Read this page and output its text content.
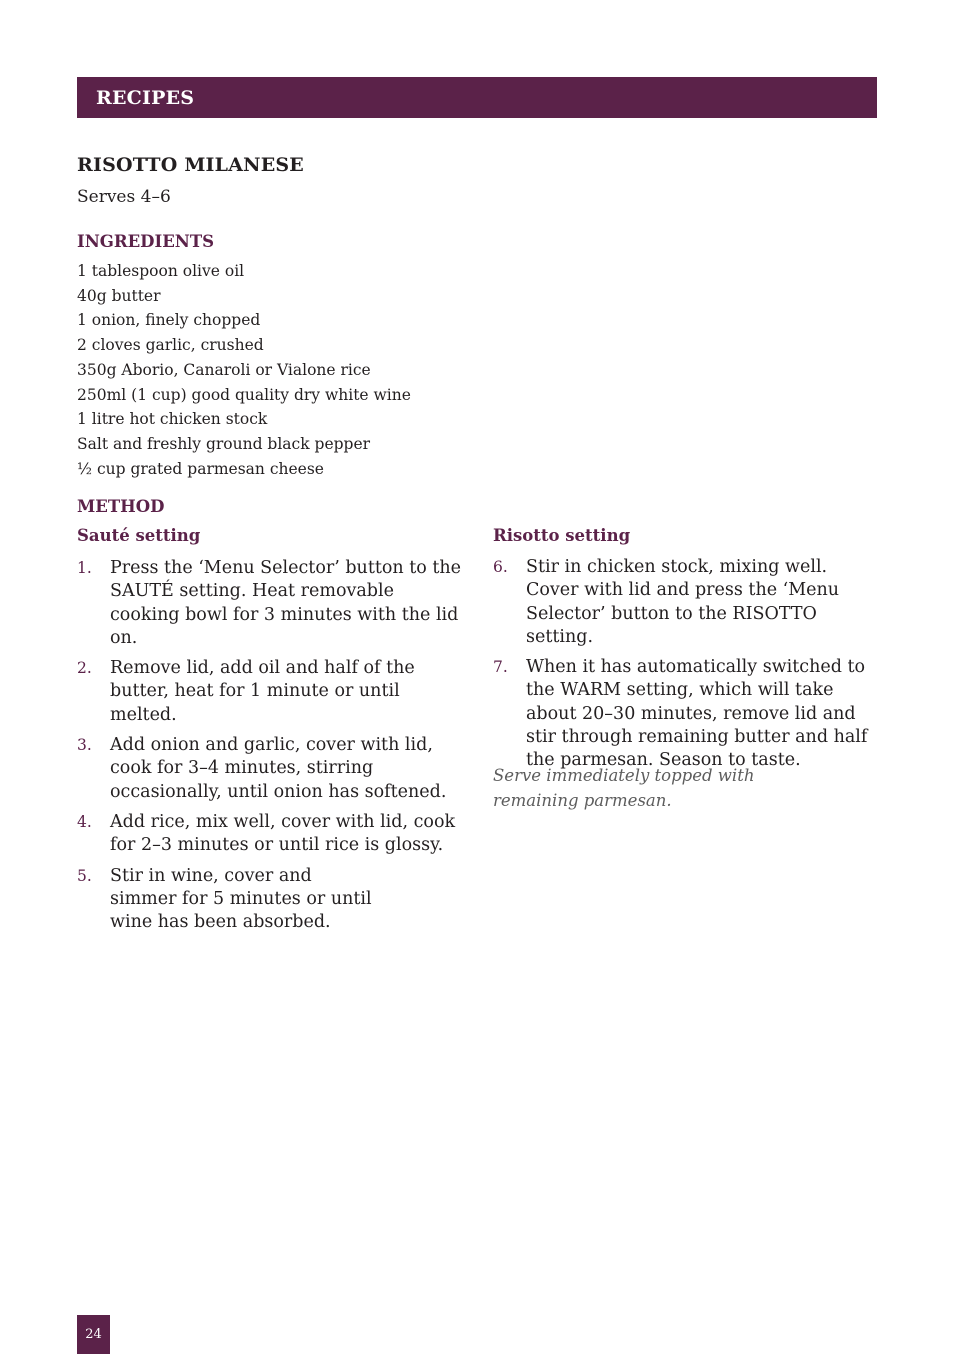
RECIPES
RISOTTO MILANESE

Serves 4–6

INGREDIENTS
1 tablespoon olive oil
40g butter
1 onion, finely chopped
2 cloves garlic, crushed
350g Aborio, Canaroli or Vialone rice
250ml (1 cup) good quality dry white wine
1 litre hot chicken stock
Salt and freshly ground black pepper
½ cup grated parmesan cheese
METHOD
Sauté setting
1. Press the ‘Menu Selector’ button to the SAUTÉ setting. Heat removable cooking bowl for 3 minutes with the lid on.
2. Remove lid, add oil and half of the butter, heat for 1 minute or until melted.
3. Add onion and garlic, cover with lid, cook for 3–4 minutes, stirring occasionally, until onion has softened.
4. Add rice, mix well, cover with lid, cook for 2–3 minutes or until rice is glossy.
5. Stir in wine, cover and simmer for 5 minutes or until wine has been absorbed.
Risotto setting
6. Stir in chicken stock, mixing well. Cover with lid and press the ‘Menu Selector’ button to the RISOTTO setting.
7. When it has automatically switched to the WARM setting, which will take about 20–30 minutes, remove lid and stir through remaining butter and half the parmesan. Season to taste.

Serve immediately topped with remaining parmesan.

24
